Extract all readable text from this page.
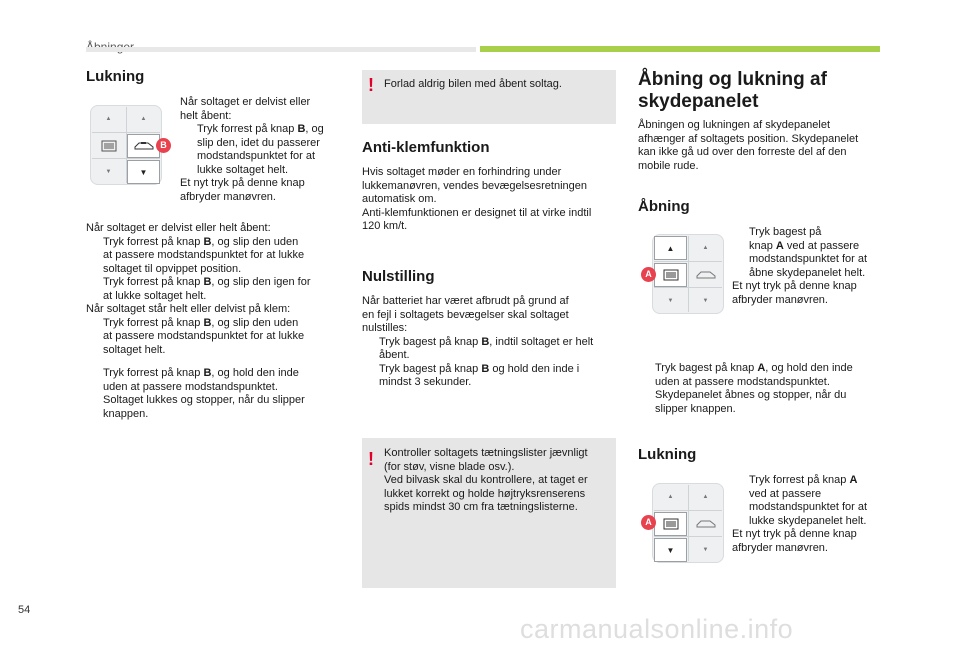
Lukning
▲	▲
▼	▼
B

Når soltaget er delvist eller

helt åbent:

Tryk forrest på knap B, og

slip den, idet du passerer

modstandspunktet for at

lukke soltaget helt.

Et nyt tryk på denne knap

afbryder manøvren.

Når soltaget er delvist eller helt åbent:

Tryk forrest på knap B, og slip den uden

at passere modstandspunktet for at lukke

soltaget til opvippet position.

Tryk forrest på knap B, og slip den igen for

at lukke soltaget helt.

Når soltaget står helt eller delvist på klem:

Tryk forrest på knap B, og slip den uden

at passere modstandspunktet for at lukke

soltaget helt.

Tryk forrest på knap B, og hold den inde

uden at passere modstandspunktet.

Soltaget lukkes og stopper, når du slipper

knappen.

! Forlad aldrig bilen med åbent soltag.
Anti-klemfunktion

Hvis soltaget møder en forhindring under

lukkemanøvren, vendes bevægelsesretningen

automatisk om.

Anti-klemfunktionen er designet til at virke indtil

120 km/t.

Nulstilling

Når batteriet har været afbrudt på grund af

en fejl i soltagets bevægelser skal soltaget

nulstilles:

Tryk bagest på knap B, indtil soltaget er helt

åbent.

Tryk bagest på knap B og hold den inde i

mindst 3 sekunder.

! Kontroller soltagets tætningslister jævnligt

(for støv, visne blade osv.).

Ved bilvask skal du kontrollere, at taget er

lukket korrekt og holde højtryksrenserens

spids mindst 30 cm fra tætningslisterne.

Åbning og lukning af
skydepanelet

Åbningen og lukningen af skydepanelet

afhænger af soltagets position. Skydepanelet

kan ikke gå ud over den forreste del af den

mobile rude.

Åbning
▲	▲
▼	▼
A

Tryk bagest på

knap A ved at passere

modstandspunktet for at

åbne skydepanelet helt.

Et nyt tryk på denne knap

afbryder manøvren.

Tryk bagest på knap A, og hold den inde

uden at passere modstandspunktet.

Skydepanelet åbnes og stopper, når du

slipper knappen.

Lukning
▲	▲
▼	▼
A

Tryk forrest på knap A

ved at passere

modstandspunktet for at

lukke skydepanelet helt.

Et nyt tryk på denne knap

afbryder manøvren.

54
carmanualsonline.info
